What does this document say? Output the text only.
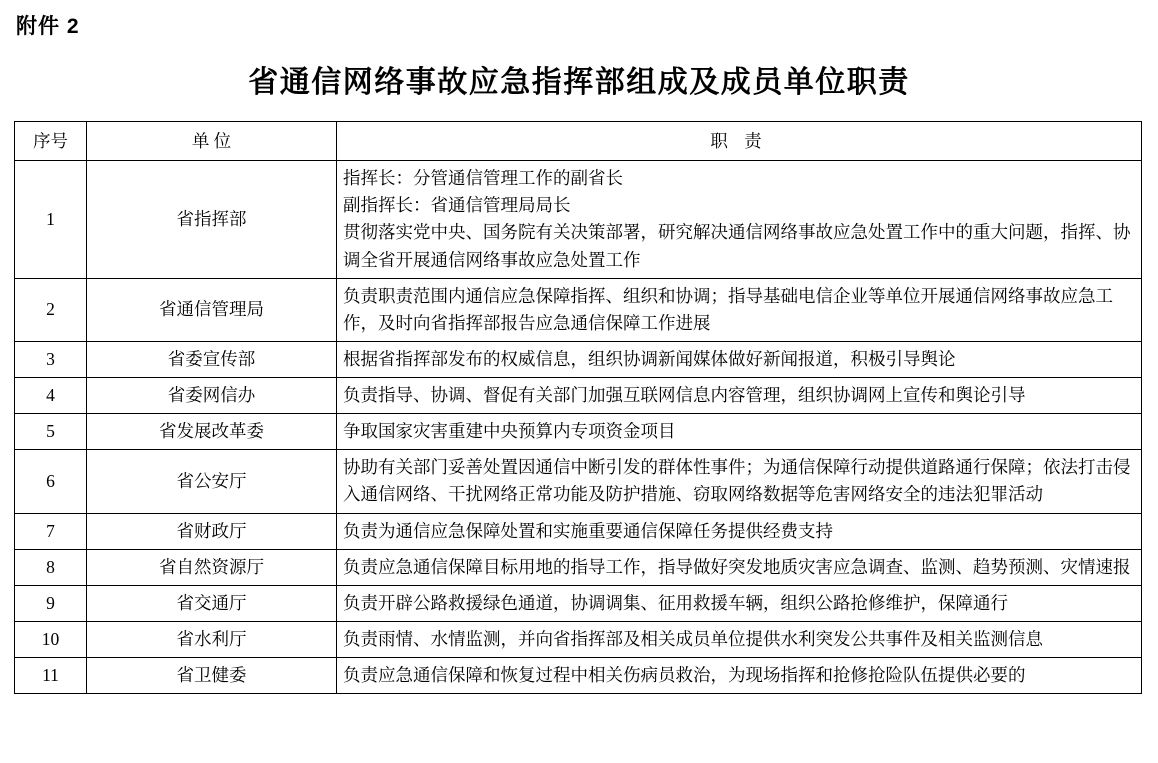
附件 2
省通信网络事故应急指挥部组成及成员单位职责
序号	单 位	职 责
1	省指挥部	指挥长：分管通信管理工作的副省长
副指挥长：省通信管理局局长
贯彻落实党中央、国务院有关决策部署，研究解决通信网络事故应急处置工作中的重大问题，指挥、协调全省开展通信网络事故应急处置工作

2	省通信管理局	负责职责范围内通信应急保障指挥、组织和协调；指导基础电信企业等单位开展通信网络事故应急工作，及时向省指挥部报告应急通信保障工作进展

3	省委宣传部	根据省指挥部发布的权威信息，组织协调新闻媒体做好新闻报道，积极引导舆论

4	省委网信办	负责指导、协调、督促有关部门加强互联网信息内容管理，组织协调网上宣传和舆论引导

5	省发展改革委	争取国家灾害重建中央预算内专项资金项目

6	省公安厅	协助有关部门妥善处置因通信中断引发的群体性事件；为通信保障行动提供道路通行保障；依法打击侵入通信网络、干扰网络正常功能及防护措施、窃取网络数据等危害网络安全的违法犯罪活动

7	省财政厅	负责为通信应急保障处置和实施重要通信保障任务提供经费支持

8	省自然资源厅	负责应急通信保障目标用地的指导工作，指导做好突发地质灾害应急调查、监测、趋势预测、灾情速报

9	省交通厅	负责开辟公路救援绿色通道，协调调集、征用救援车辆，组织公路抢修维护，保障通行

10	省水利厅	负责雨情、水情监测，并向省指挥部及相关成员单位提供水利突发公共事件及相关监测信息

11	省卫健委	负责应急通信保障和恢复过程中相关伤病员救治，为现场指挥和抢修抢险队伍提供必要的
